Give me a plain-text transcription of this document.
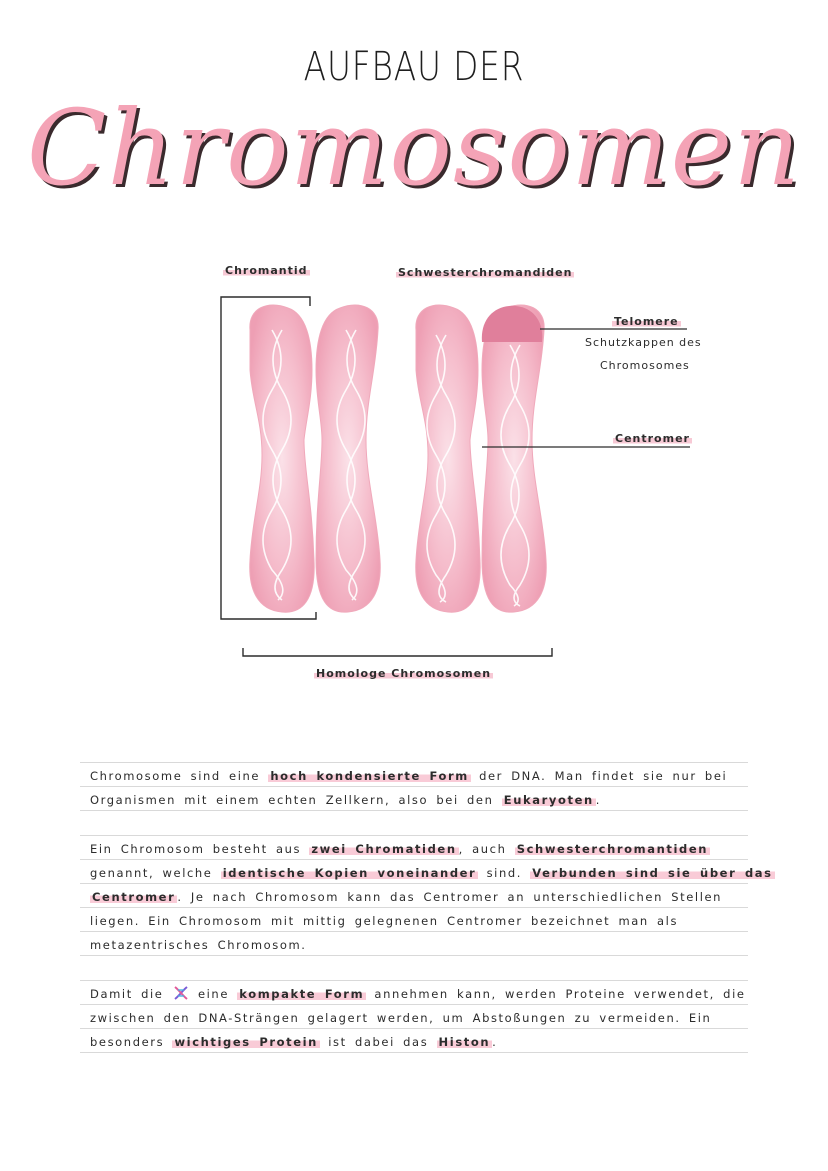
AUFBAU DER
Chromosomen
Chromantid	Schwesterchromandiden
Telomere
Schutzkappen des
Chromosomes
Centromer
Homologe Chromosomen
Chromosome sind eine hoch kondensierte Form der DNA. Man findet sie nur bei
Organismen mit einem echten Zellkern, also bei den Eukaryoten .
Ein Chromosom besteht aus zwei Chromatiden , auch Schwesterchromantiden
genannt, welche identische Kopien voneinander sind. Verbunden sind sie über das
Centromer . Je nach Chromosom kann das Centromer an unterschiedlichen Stellen
liegen. Ein Chromosom mit mittig gelegnenen Centromer bezeichnet man als
metazentrisches Chromosom.
Damit die  eine kompakte Form annehmen kann, werden Proteine verwendet, die
zwischen den DNA-Strängen gelagert werden, um Abstoßungen zu vermeiden. Ein
besonders wichtiges Protein ist dabei das Histon .
